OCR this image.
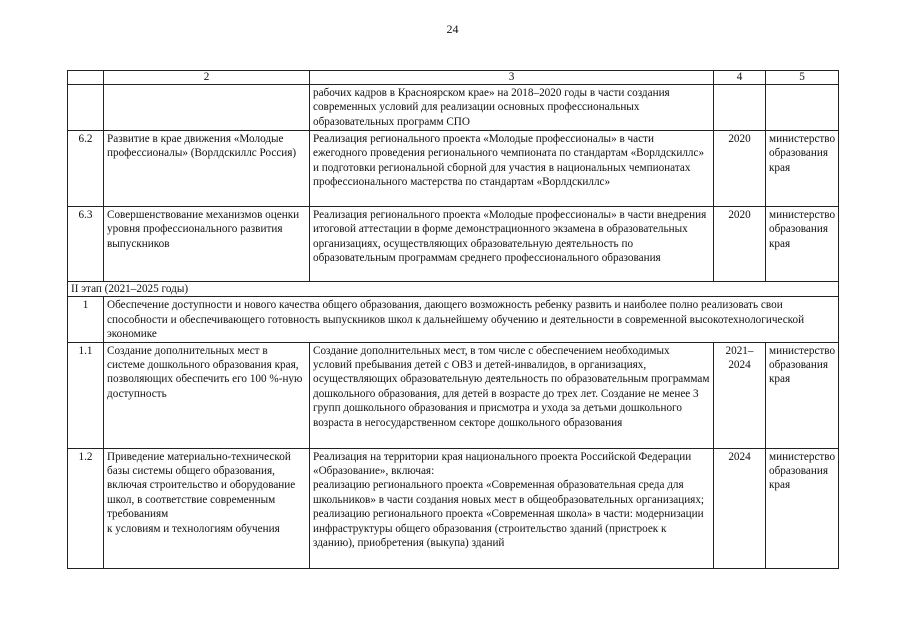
24
	2	3	4	5
		рабочих кадров в Красноярском крае» на 2018–2020 годы в части создания современных условий для реализации основных профессиональных образовательных программ СПО		
6.2	Развитие в крае движения «Молодые профессионалы» (Ворлдскиллс Россия)	Реализация регионального проекта «Молодые профессионалы» в части ежегодного проведения регионального чемпионата по стандартам «Ворлдскиллс» и подготовки региональной сборной для участия в национальных чемпионатах профессионального мастерства по стандартам «Ворлдскиллс»	2020	министерство образования края
6.3	Совершенствование механизмов оценки уровня профессионального развития выпускников	Реализация регионального проекта «Молодые профессионалы» в части внедрения итоговой аттестации в форме демонстрационного экзамена в образовательных организациях, осуществляющих образовательную деятельность по образовательным программам среднего профессионального образования	2020	министерство образования края
II этап (2021–2025 годы)				
1	Обеспечение доступности и нового качества общего образования, дающего возможность ребенку развить и наиболее полно реализовать свои способности и обеспечивающего готовность выпускников школ к дальнейшему обучению и деятельности в современной высокотехнологической экономике			
1.1	Создание дополнительных мест в системе дошкольного образования края, позволяющих обеспечить его 100 %-ную доступность	Создание дополнительных мест, в том числе с обеспечением необходимых условий пребывания детей с ОВЗ и детей-инвалидов, в организациях, осуществляющих образовательную деятельность по образовательным программам дошкольного образования, для детей в возрасте до трех лет. Создание не менее 3 групп дошкольного образования и присмотра и ухода за детьми дошкольного возраста в негосударственном секторе дошкольного образования	2021–2024	министерство образования края
1.2	Приведение материально-технической базы системы общего образования, включая строительство и оборудование школ, в соответствие современным требованиям
к условиям и технологиям обучения	Реализация на территории края национального проекта Российской Федерации «Образование», включая:
реализацию регионального проекта «Современная образовательная среда для школьников» в части создания новых мест в общеобразовательных организациях;
реализацию регионального проекта «Современная школа» в части: модернизации инфраструктуры общего образования (строительство зданий (пристроек к зданию), приобретения (выкупа) зданий	2024	министерство образования края
